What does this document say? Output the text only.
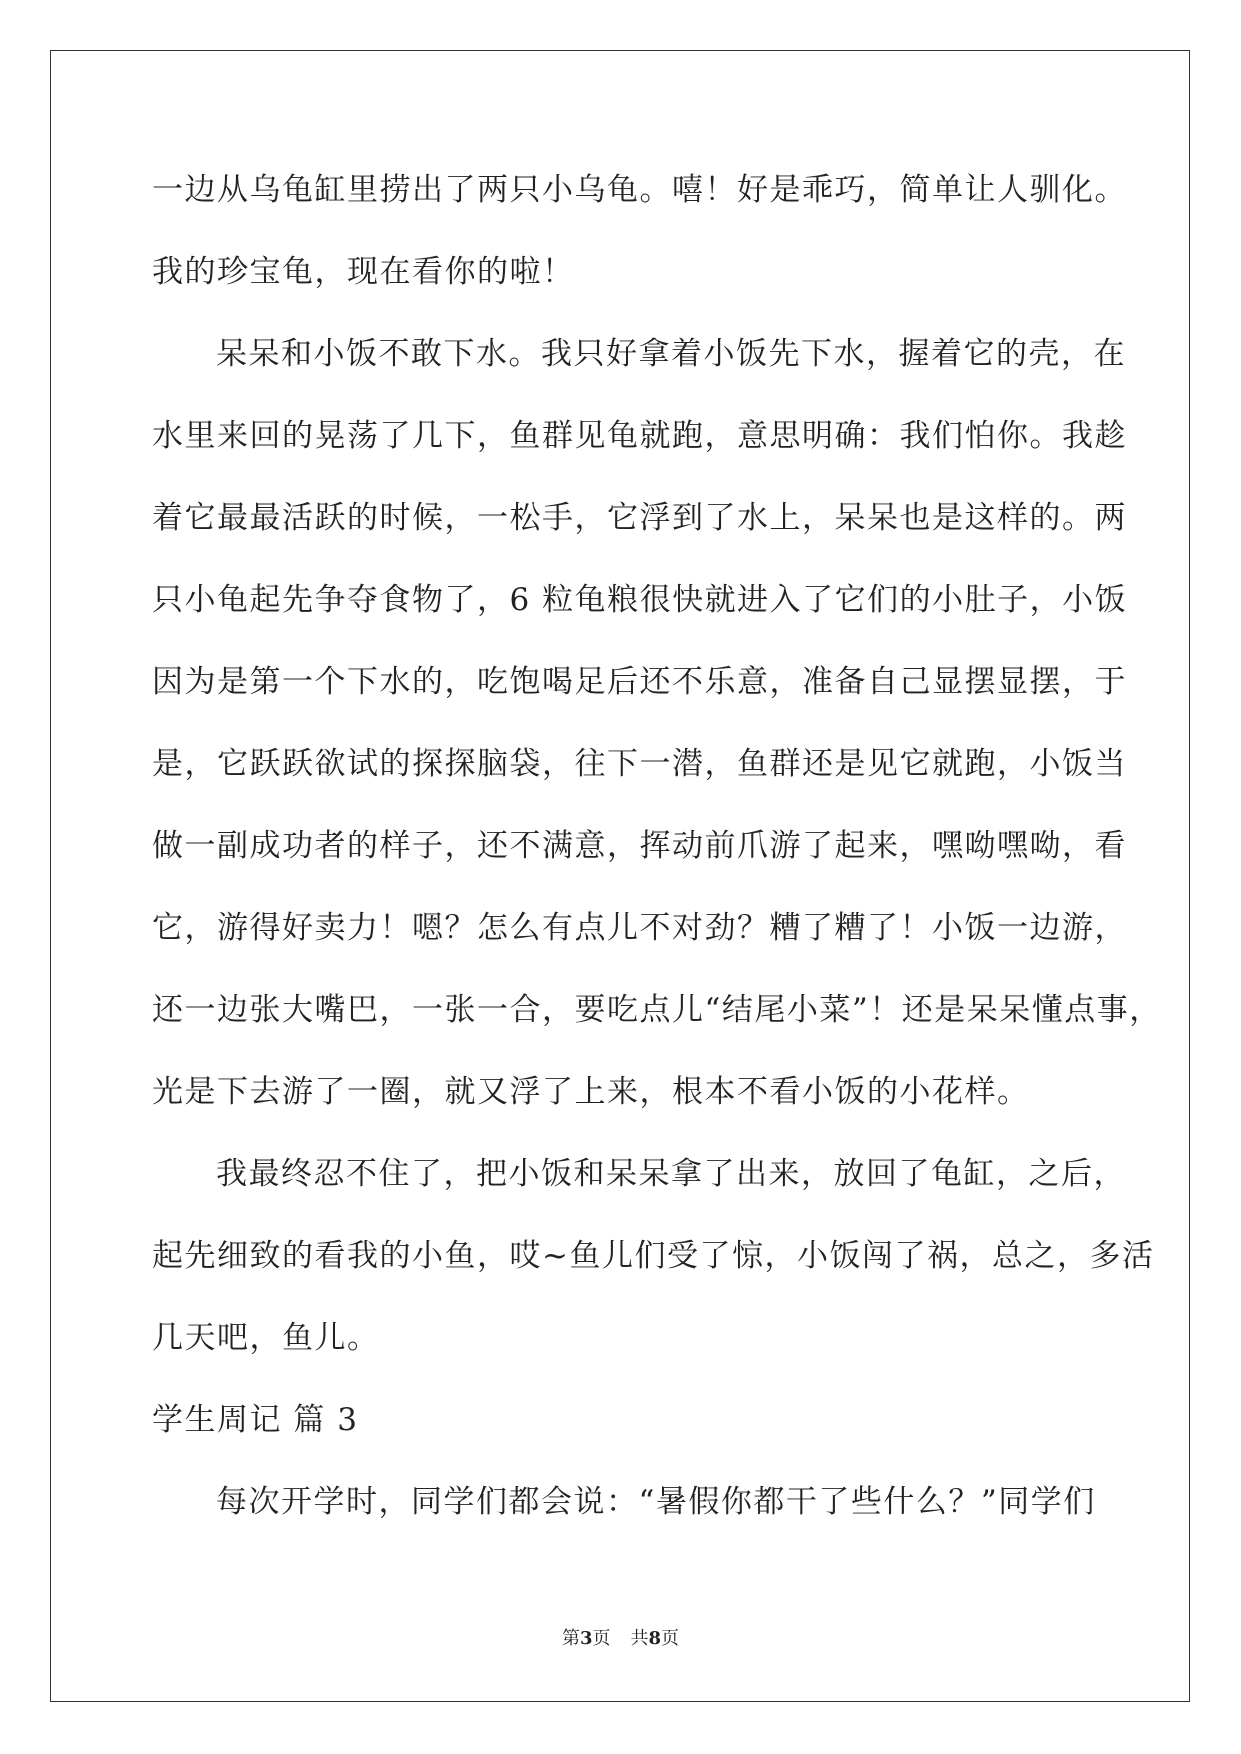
一边从乌龟缸里捞出了两只小乌龟。嘻！好是乖巧，简单让人驯化。
我的珍宝龟，现在看你的啦！
呆呆和小饭不敢下水。我只好拿着小饭先下水，握着它的壳，在
水里来回的晃荡了几下，鱼群见龟就跑，意思明确：我们怕你。我趁
着它最最活跃的时候，一松手，它浮到了水上，呆呆也是这样的。两
只小龟起先争夺食物了，6 粒龟粮很快就进入了它们的小肚子，小饭
因为是第一个下水的，吃饱喝足后还不乐意，准备自己显摆显摆，于
是，它跃跃欲试的探探脑袋，往下一潜，鱼群还是见它就跑，小饭当
做一副成功者的样子，还不满意，挥动前爪游了起来，嘿呦嘿呦，看
它，游得好卖力！嗯？怎么有点儿不对劲？糟了糟了！小饭一边游，
还一边张大嘴巴，一张一合，要吃点儿“结尾小菜”！还是呆呆懂点事，
光是下去游了一圈，就又浮了上来，根本不看小饭的小花样。
我最终忍不住了，把小饭和呆呆拿了出来，放回了龟缸，之后，
起先细致的看我的小鱼，哎~鱼儿们受了惊，小饭闯了祸，总之，多活
几天吧，鱼儿。
学生周记 篇 3
每次开学时，同学们都会说：“暑假你都干了些什么？”同学们
第3页 共8页
